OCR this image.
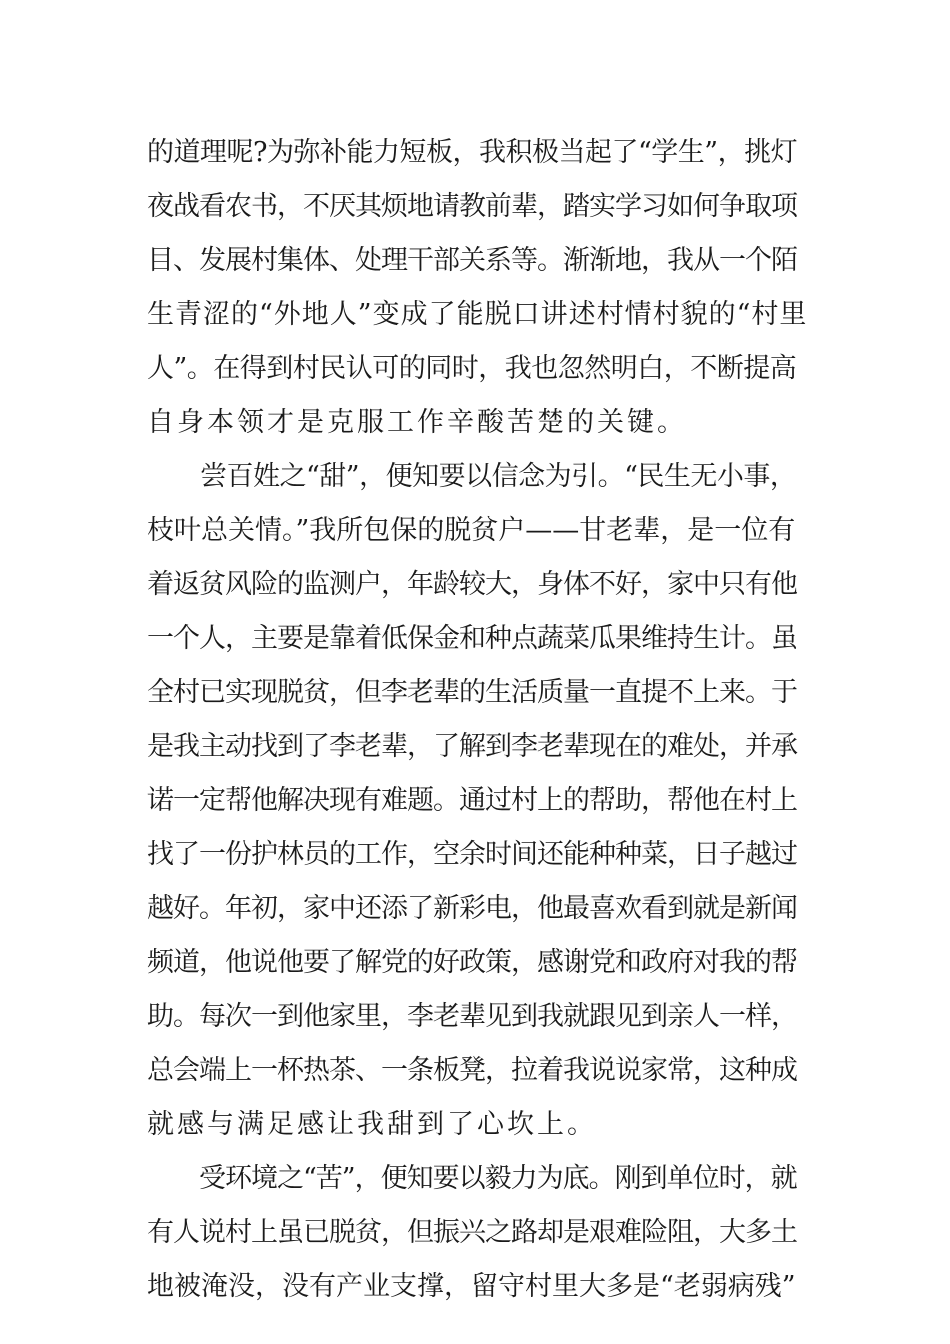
的道理呢?为弥补能力短板，我积极当起了“学生”，挑灯
夜战看农书，不厌其烦地请教前辈，踏实学习如何争取项
目、发展村集体、处理干部关系等。渐渐地，我从一个陌
生青涩的“外地人”变成了能脱口讲述村情村貌的“村里
人”。在得到村民认可的同时，我也忽然明白，不断提高
自身本领才是克服工作辛酸苦楚的关键。
　　尝百姓之“甜”，便知要以信念为引。“民生无小事，
枝叶总关情。”我所包保的脱贫户——甘老辈，是一位有
着返贫风险的监测户，年龄较大，身体不好，家中只有他
一个人，主要是靠着低保金和种点蔬菜瓜果维持生计。虽
全村已实现脱贫，但李老辈的生活质量一直提不上来。于
是我主动找到了李老辈，了解到李老辈现在的难处，并承
诺一定帮他解决现有难题。通过村上的帮助，帮他在村上
找了一份护林员的工作，空余时间还能种种菜，日子越过
越好。年初，家中还添了新彩电，他最喜欢看到就是新闻
频道，他说他要了解党的好政策，感谢党和政府对我的帮
助。每次一到他家里，李老辈见到我就跟见到亲人一样，
总会端上一杯热茶、一条板凳，拉着我说说家常，这种成
就感与满足感让我甜到了心坎上。
　　受环境之“苦”，便知要以毅力为底。刚到单位时，就
有人说村上虽已脱贫，但振兴之路却是艰难险阻，大多土
地被淹没，没有产业支撑，留守村里大多是“老弱病残”
